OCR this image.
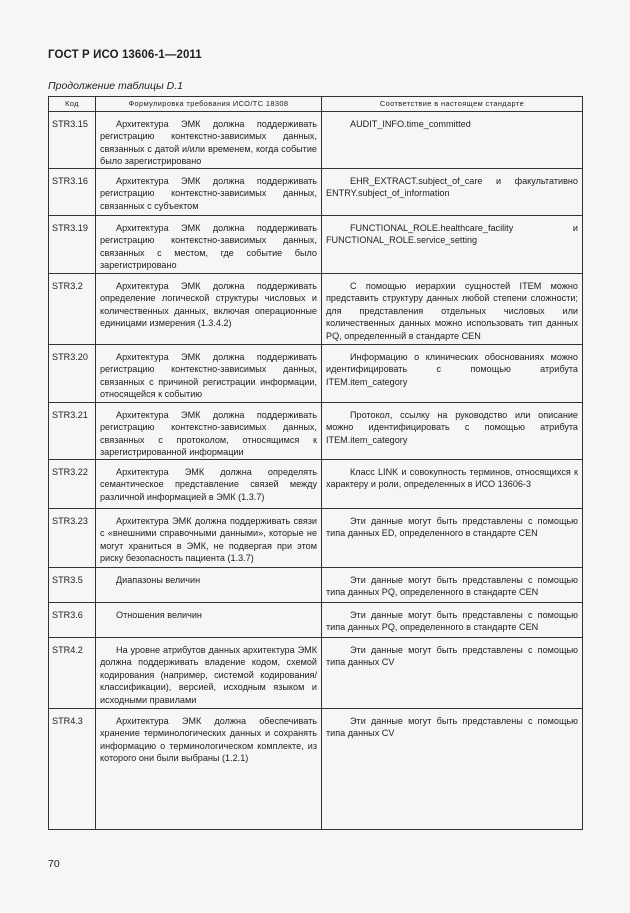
ГОСТ Р ИСО 13606-1—2011
Продолжение таблицы D.1
Код	Формулировка требования ИСО/ТС 18308	Соответствие в настоящем стандарте
STR3.15	Архитектура ЭМК должна поддерживать регистрацию контекстно-зависимых данных, связанных с датой и/или временем, когда событие было зарегистрировано	AUDIT_INFO.time_committed
STR3.16	Архитектура ЭМК должна поддерживать регистрацию контекстно-зависимых данных, связанных с субъектом	EHR_EXTRACT.subject_of_care и факультативно ENTRY.subject_of_information
STR3.19	Архитектура ЭМК должна поддерживать регистрацию контекстно-зависимых данных, связанных с местом, где событие было зарегистрировано	FUNCTIONAL_ROLE.healthcare_facility и FUNCTIONAL_ROLE.service_setting
STR3.2	Архитектура ЭМК должна поддерживать определение логической структуры числовых и количественных данных, включая операционные единицами измерения (1.3.4.2)	С помощью иерархии сущностей ITEM можно представить структуру данных любой степени сложности; для представления отдельных числовых или количественных данных можно использовать тип данных PQ, определенный в стандарте CEN
STR3.20	Архитектура ЭМК должна поддерживать регистрацию контекстно-зависимых данных, связанных с причиной регистрации информации, относящейся к событию	Информацию о клинических обоснованиях можно идентифицировать с помощью атрибута ITEM.item_category
STR3.21	Архитектура ЭМК должна поддерживать регистрацию контекстно-зависимых данных, связанных с протоколом, относящимся к зарегистрированной информации	Протокол, ссылку на руководство или описание можно идентифицировать с помощью атрибута ITEM.item_category
STR3.22	Архитектура ЭМК должна определять семантическое представление связей между различной информацией в ЭМК (1.3.7)	Класс LINK и совокупность терминов, относящихся к характеру и роли, определенных в ИСО 13606-3
STR3.23	Архитектура ЭМК должна поддерживать связи с «внешними справочными данными», которые не могут храниться в ЭМК, не подвергая при этом риску безопасность пациента (1.3.7)	Эти данные могут быть представлены с помощью типа данных ED, определенного в стандарте CEN
STR3.5	Диапазоны величин	Эти данные могут быть представлены с помощью типа данных PQ, определенного в стандарте CEN
STR3.6	Отношения величин	Эти данные могут быть представлены с помощью типа данных PQ, определенного в стандарте CEN
STR4.2	На уровне атрибутов данных архитектура ЭМК должна поддерживать владение кодом, схемой кодирования (например, системой кодирования/классификации), версией, исходным языком и исходными правилами	Эти данные могут быть представлены с помощью типа данных CV
STR4.3	Архитектура ЭМК должна обеспечивать хранение терминологических данных и сохранять информацию о терминологическом комплекте, из которого они были выбраны (1.2.1)	Эти данные могут быть представлены с помощью типа данных CV
70
